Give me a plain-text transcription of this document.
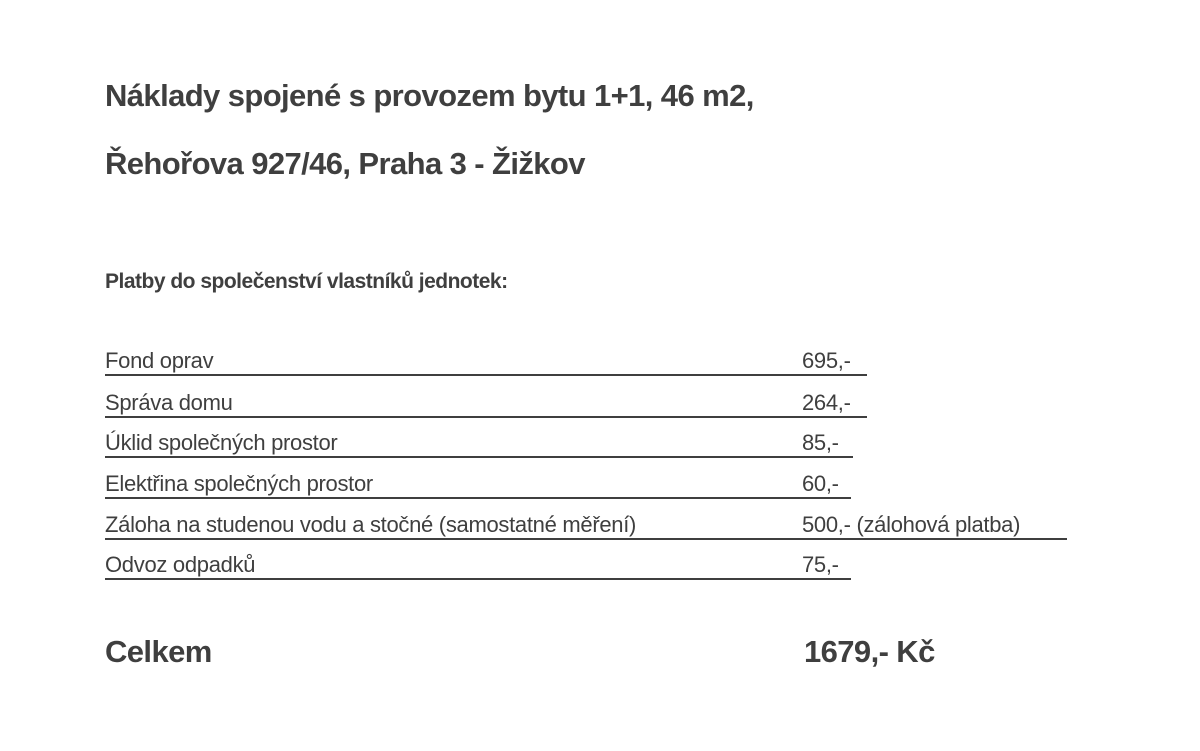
Náklady spojené s provozem bytu 1+1, 46 m2,
Řehořova 927/46, Praha 3 - Žižkov
Platby do společenství vlastníků jednotek:
Fond oprav	695,-
Správa domu	264,-
Úklid společných prostor	85,-
Elektřina společných prostor	60,-
Záloha na studenou vodu a stočné (samostatné měření)	500,- (zálohová platba)
Odvoz odpadků	75,-
Celkem	1679,- Kč
